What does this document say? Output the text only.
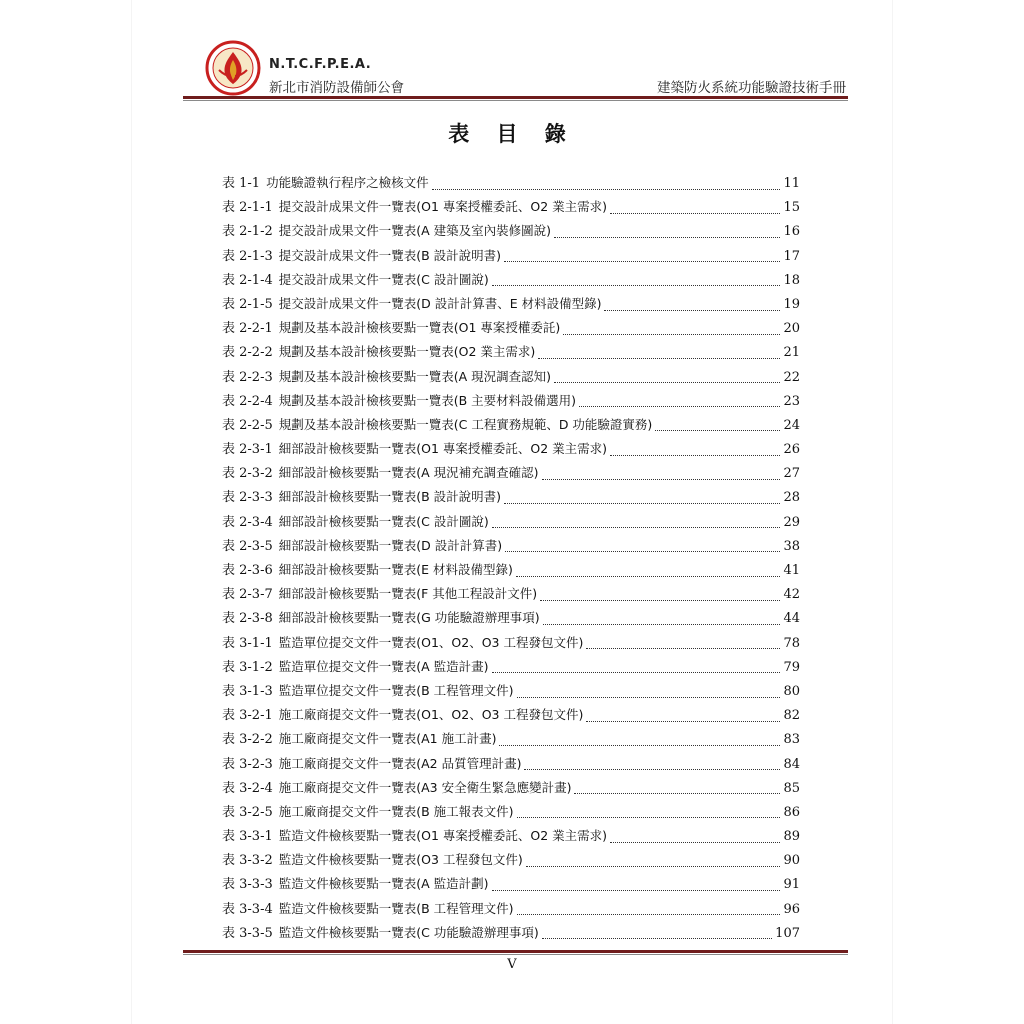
N.T.C.F.P.E.A.
新北市消防設備師公會	建築防火系統功能驗證技術手冊
表 目 錄
表 1-1 功能驗證執行程序之檢核文件	11
表 2-1-1 提交設計成果文件一覽表(O1 專案授權委託、O2 業主需求)	15
表 2-1-2 提交設計成果文件一覽表(A 建築及室內裝修圖說)	16
表 2-1-3 提交設計成果文件一覽表(B 設計說明書)	17
表 2-1-4 提交設計成果文件一覽表(C 設計圖說)	18
表 2-1-5 提交設計成果文件一覽表(D 設計計算書、E 材料設備型錄)	19
表 2-2-1 規劃及基本設計檢核要點一覽表(O1 專案授權委託)	20
表 2-2-2 規劃及基本設計檢核要點一覽表(O2 業主需求)	21
表 2-2-3 規劃及基本設計檢核要點一覽表(A 現況調查認知)	22
表 2-2-4 規劃及基本設計檢核要點一覽表(B 主要材料設備選用)	23
表 2-2-5 規劃及基本設計檢核要點一覽表(C 工程實務規範、D 功能驗證實務)	24
表 2-3-1 細部設計檢核要點一覽表(O1 專案授權委託、O2 業主需求)	26
表 2-3-2 細部設計檢核要點一覽表(A 現況補充調查確認)	27
表 2-3-3 細部設計檢核要點一覽表(B 設計說明書)	28
表 2-3-4 細部設計檢核要點一覽表(C 設計圖說)	29
表 2-3-5 細部設計檢核要點一覽表(D 設計計算書)	38
表 2-3-6 細部設計檢核要點一覽表(E 材料設備型錄)	41
表 2-3-7 細部設計檢核要點一覽表(F 其他工程設計文件)	42
表 2-3-8 細部設計檢核要點一覽表(G 功能驗證辦理事項)	44
表 3-1-1 監造單位提交文件一覽表(O1、O2、O3 工程發包文件)	78
表 3-1-2 監造單位提交文件一覽表(A 監造計畫)	79
表 3-1-3 監造單位提交文件一覽表(B 工程管理文件)	80
表 3-2-1 施工廠商提交文件一覽表(O1、O2、O3 工程發包文件)	82
表 3-2-2 施工廠商提交文件一覽表(A1 施工計畫)	83
表 3-2-3 施工廠商提交文件一覽表(A2 品質管理計畫)	84
表 3-2-4 施工廠商提交文件一覽表(A3 安全衛生緊急應變計畫)	85
表 3-2-5 施工廠商提交文件一覽表(B 施工報表文件)	86
表 3-3-1 監造文件檢核要點一覽表(O1 專案授權委託、O2 業主需求)	89
表 3-3-2 監造文件檢核要點一覽表(O3 工程發包文件)	90
表 3-3-3 監造文件檢核要點一覽表(A 監造計劃)	91
表 3-3-4 監造文件檢核要點一覽表(B 工程管理文件)	96
表 3-3-5 監造文件檢核要點一覽表(C 功能驗證辦理事項)	107
V
